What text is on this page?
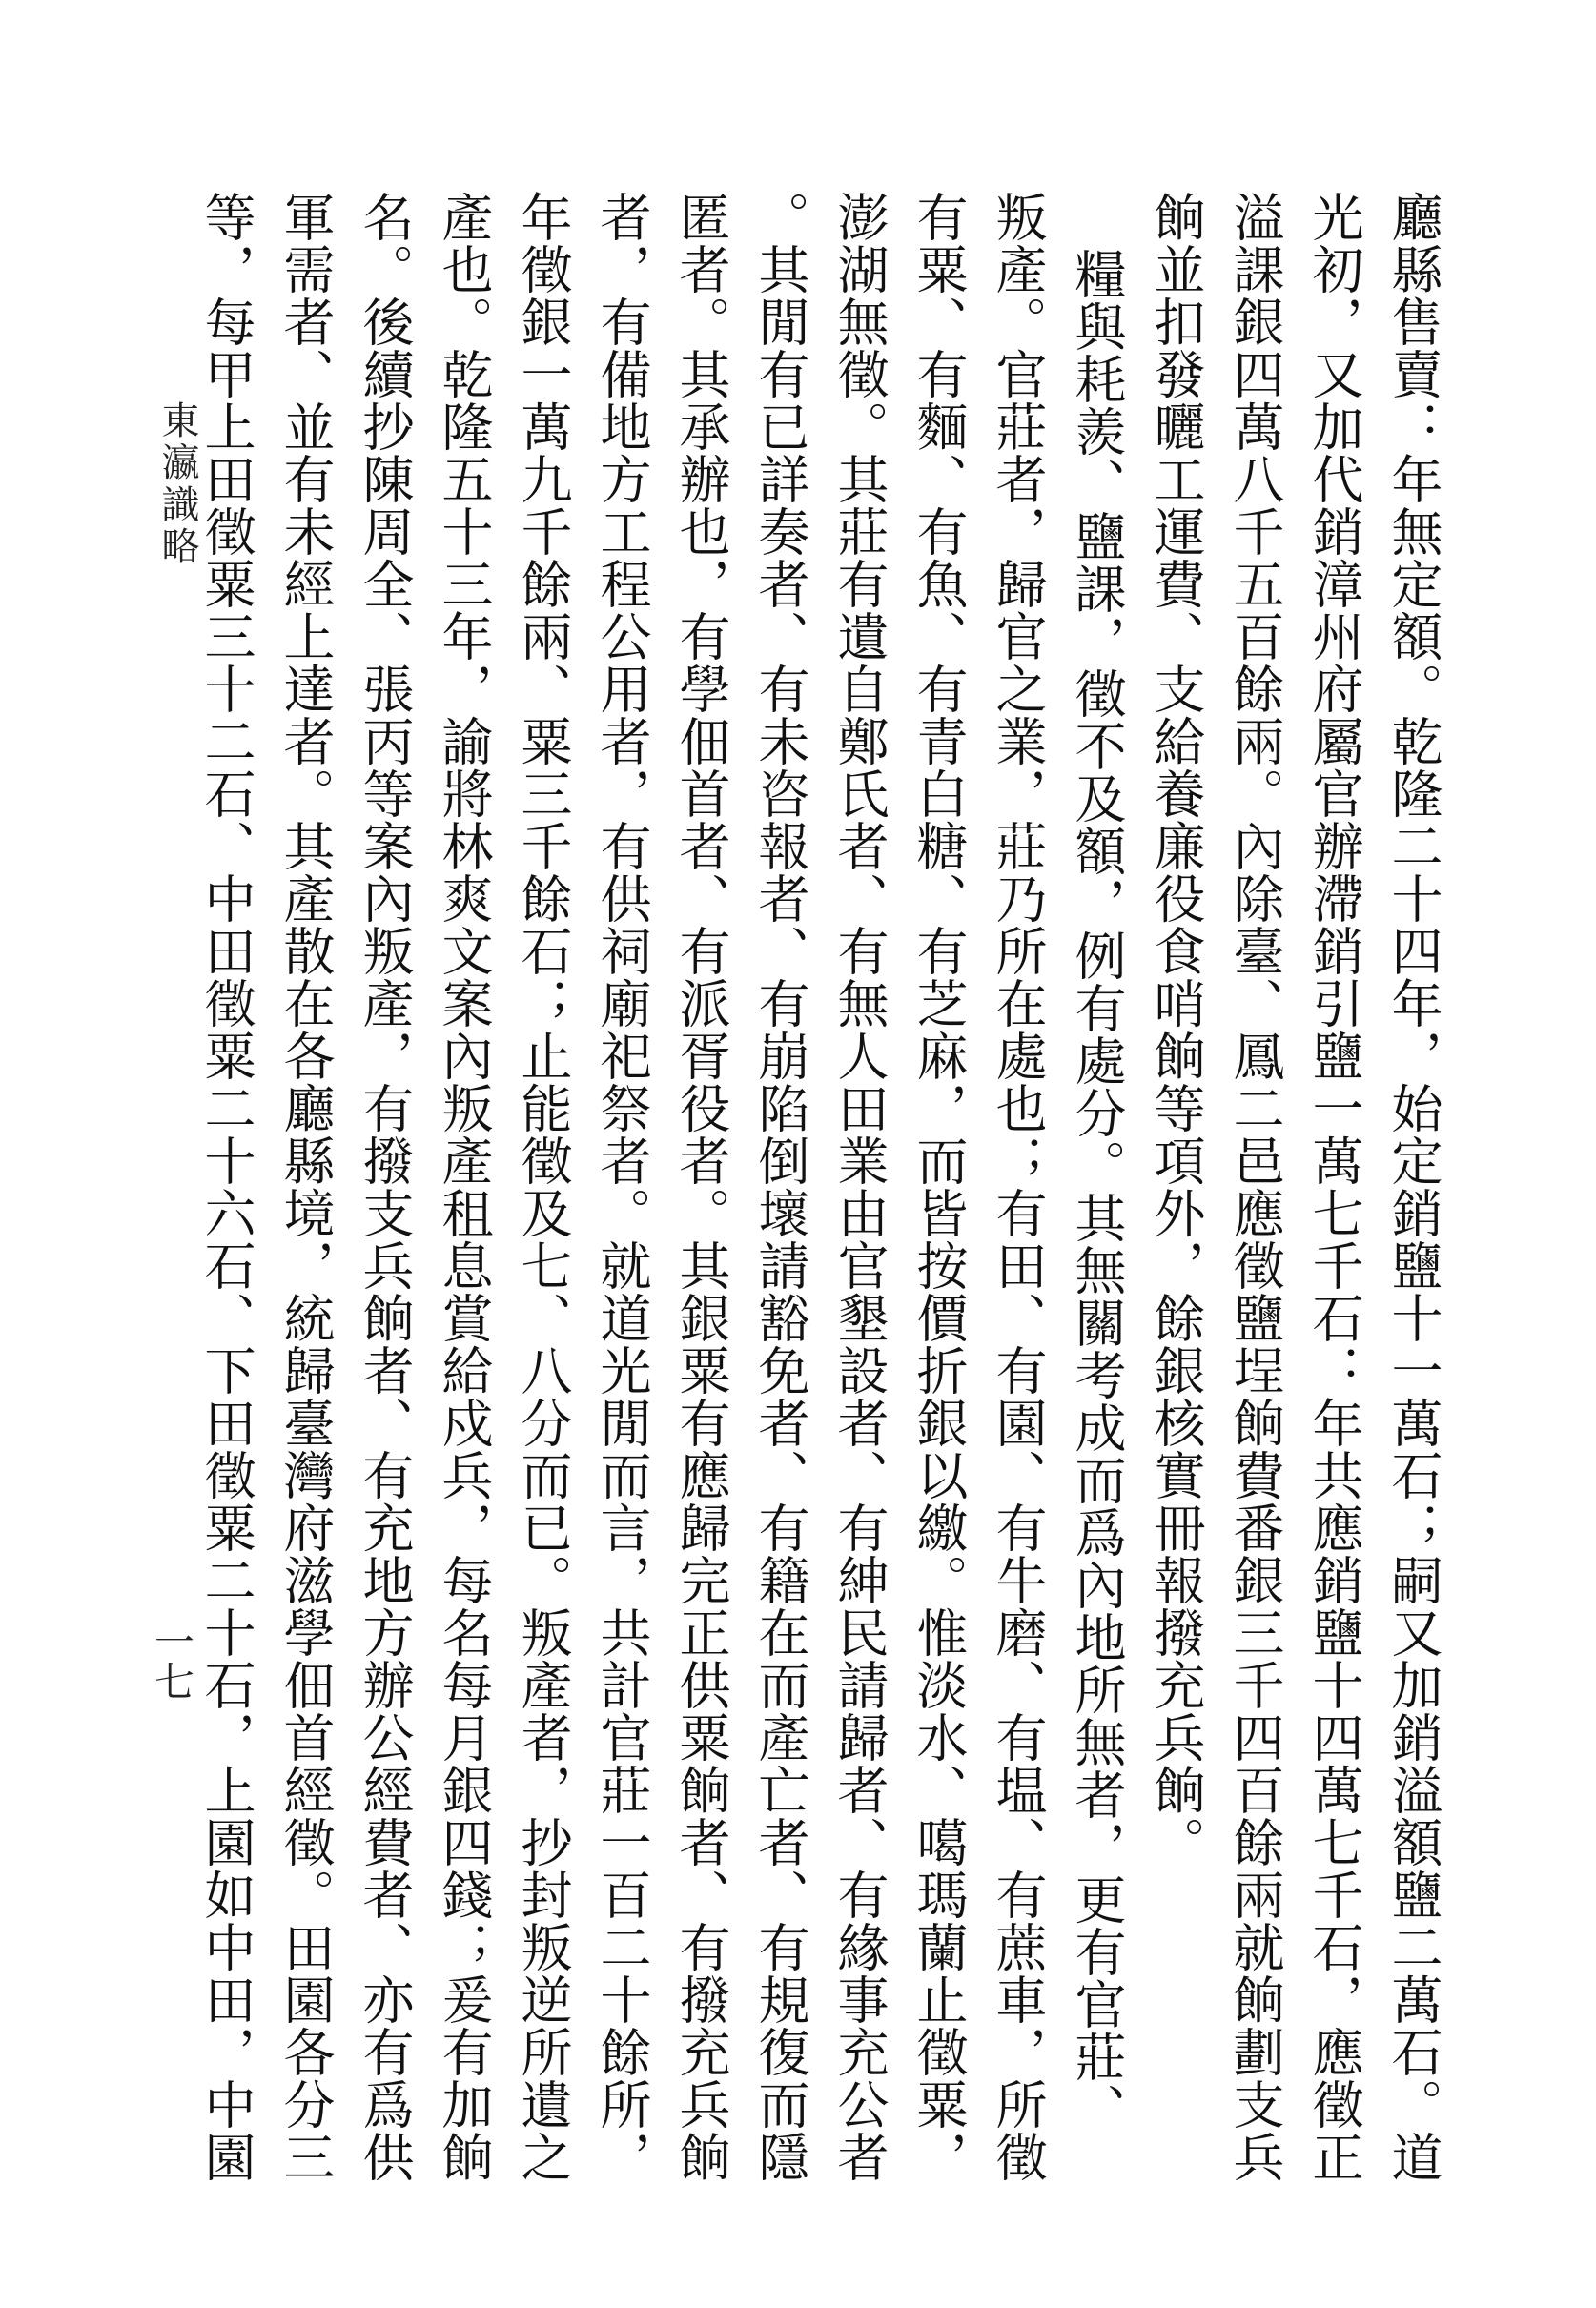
廳縣售賣：年無定額。乾隆二十四年，始定銷鹽十一萬石；嗣又加銷溢額鹽二萬石。道
光初，又加代銷漳州府屬官辦滯銷引鹽一萬七千石：年共應銷鹽十四萬七千石，應徵正
溢課銀四萬八千五百餘兩。內除臺、鳳二邑應徵鹽埕餉費番銀三千四百餘兩就餉劃支兵
餉並扣發曬工運費、支給養廉役食哨餉等項外，餘銀核實冊報撥充兵餉。
糧與耗羨、鹽課，徵不及額，例有處分。其無關考成而爲內地所無者，更有官莊、
叛產。官莊者，歸官之業，莊乃所在處也；有田、有園、有牛磨、有塭、有蔗車，所徵
有粟、有麵、有魚、有青白糖、有芝麻，而皆按價折銀以繳。惟淡水、噶瑪蘭止徵粟，
澎湖無徵。其莊有遺自鄭氏者、有無人田業由官墾設者、有紳民請歸者、有緣事充公者
。其閒有已詳奏者、有未咨報者、有崩陷倒壞請豁免者、有籍在而產亡者、有規復而隱
匿者。其承辦也，有學佃首者、有派胥役者。其銀粟有應歸完正供粟餉者、有撥充兵餉
者，有備地方工程公用者，有供祠廟祀祭者。就道光閒而言，共計官莊一百二十餘所，
年徵銀一萬九千餘兩、粟三千餘石；止能徵及七、八分而已。叛產者，抄封叛逆所遺之
產也。乾隆五十三年，諭將林爽文案內叛產租息賞給戍兵，每名每月銀四錢；爰有加餉
名。後續抄陳周全、張丙等案內叛產，有撥支兵餉者、有充地方辦公經費者、亦有爲供
軍需者、並有未經上達者。其產散在各廳縣境，統歸臺灣府滋學佃首經徵。田園各分三
等，每甲上田徵粟三十二石、中田徵粟二十六石、下田徵粟二十石，上園如中田，中園
東瀛識略
一七
